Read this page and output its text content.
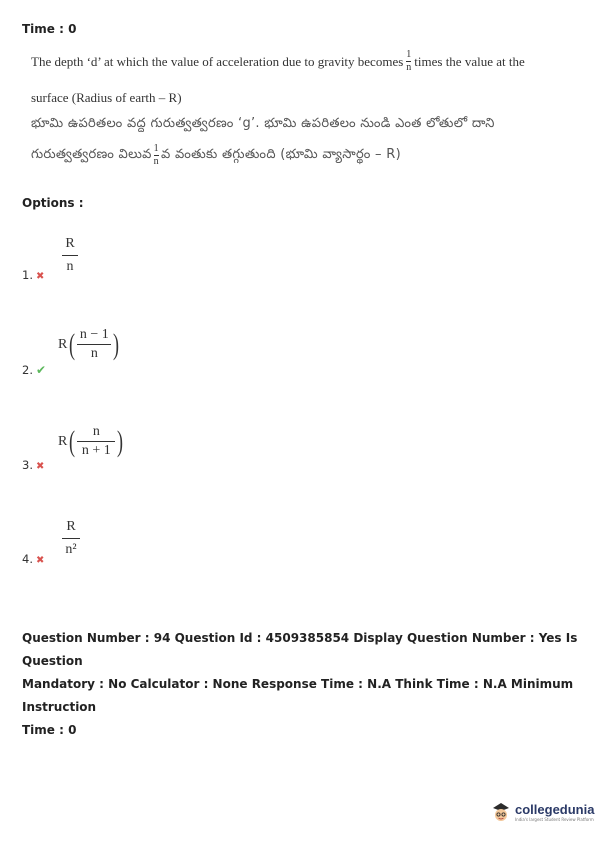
Time : 0
The depth ‘d’ at which the value of acceleration due to gravity becomes $\frac{1}{n}$ times the value at the
surface (Radius of earth – R)
భూమి ఉపరితలం వద్ద గురుత్వత్వరణం ‘g’. భూమి ఉపరితలం నుండి ఎంత లోతులో దాని
గురుత్వత్వరణం విలువ $\frac{1}{n}$ వ వంతుకు తగ్గుతుంది (భూమి వ్యాసార్థం – R)
Options :
$\frac{R}{n}$
1. ✖
R ( n − 1
n )
2. ✔
R ( n
n + 1 )
3. ✖
$\frac{R}{\text{n²}}$
4. ✖
Question Number : 94 Question Id : 4509385854 Display Question Number : Yes Is Question
Mandatory : No Calculator : None Response Time : N.A Think Time : N.A Minimum Instruction
Time : 0
collegedunia
India's largest Student Review Platform
